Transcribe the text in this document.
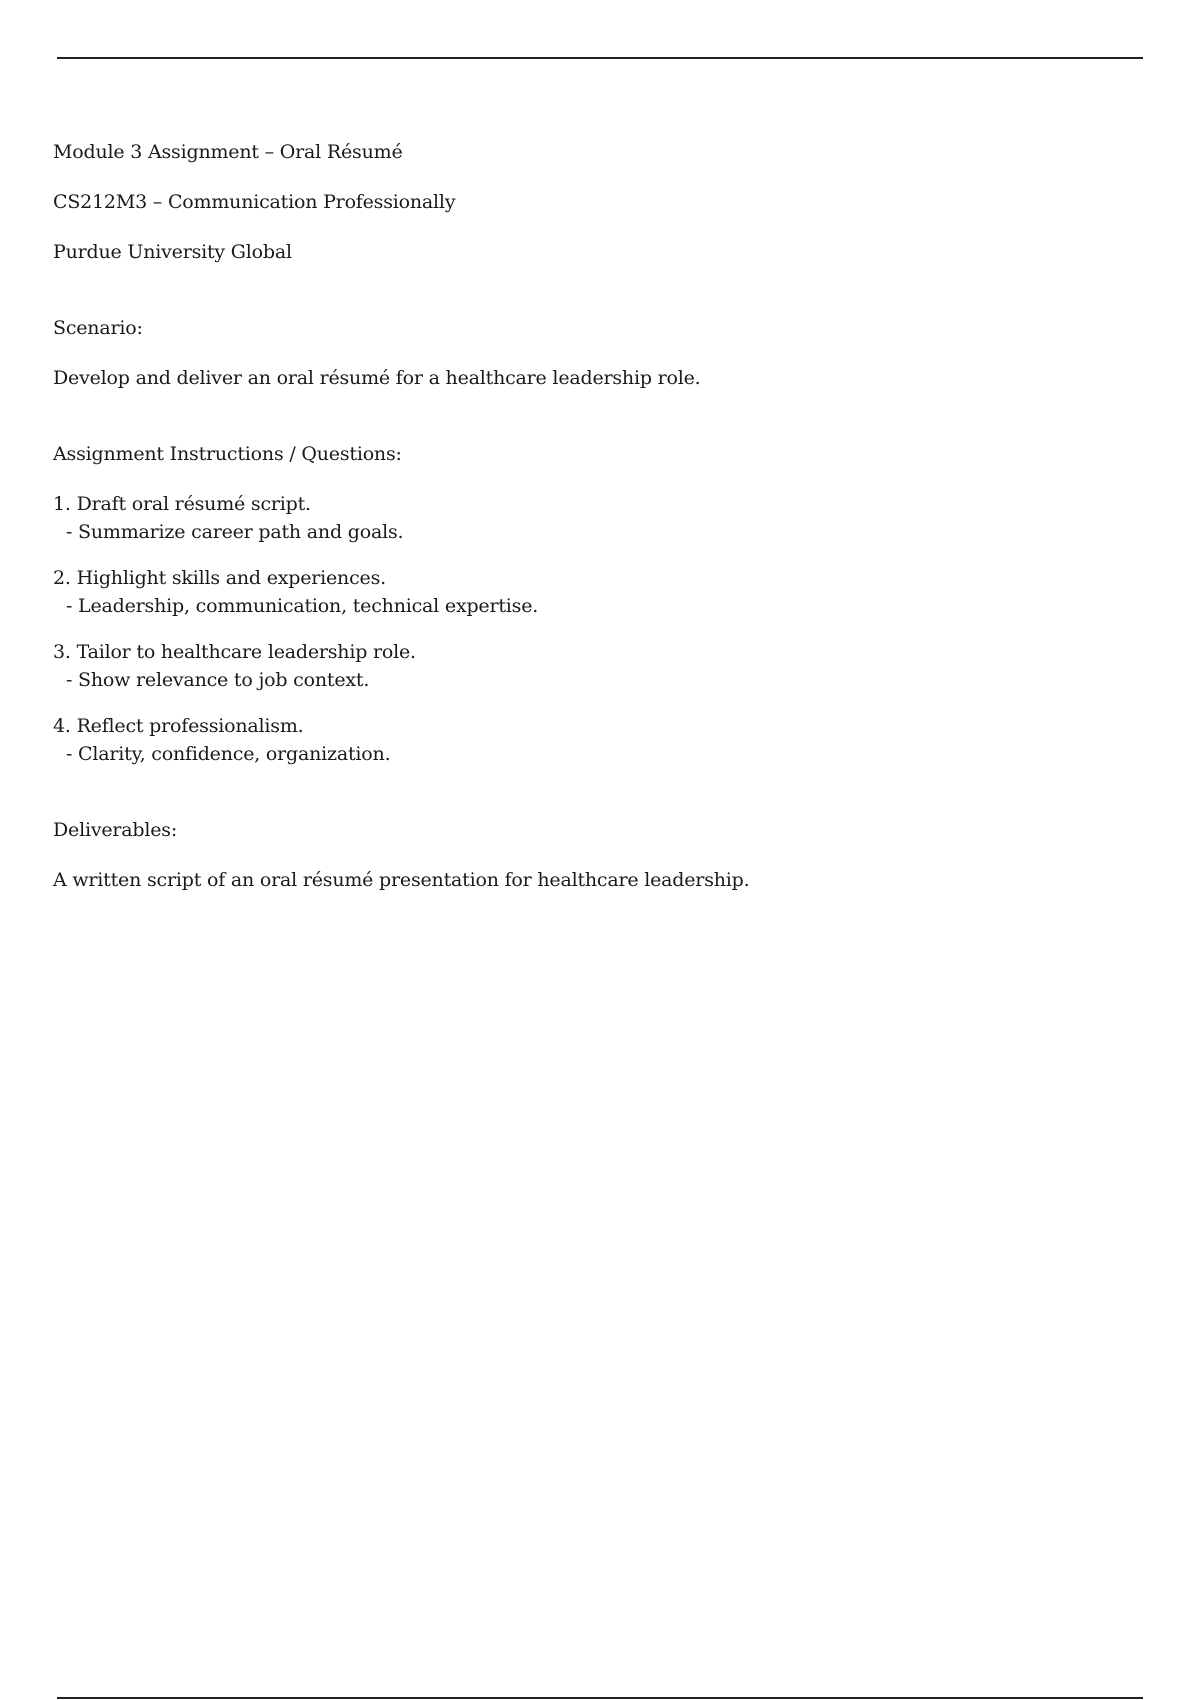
Module 3 Assignment – Oral Résumé

CS212M3 – Communication Professionally

Purdue University Global

Scenario:

Develop and deliver an oral résumé for a healthcare leadership role.

Assignment Instructions / Questions:

1. Draft oral résumé script.

- Summarize career path and goals.

2. Highlight skills and experiences.

- Leadership, communication, technical expertise.

3. Tailor to healthcare leadership role.

- Show relevance to job context.

4. Reflect professionalism.

- Clarity, confidence, organization.

Deliverables:

A written script of an oral résumé presentation for healthcare leadership.
